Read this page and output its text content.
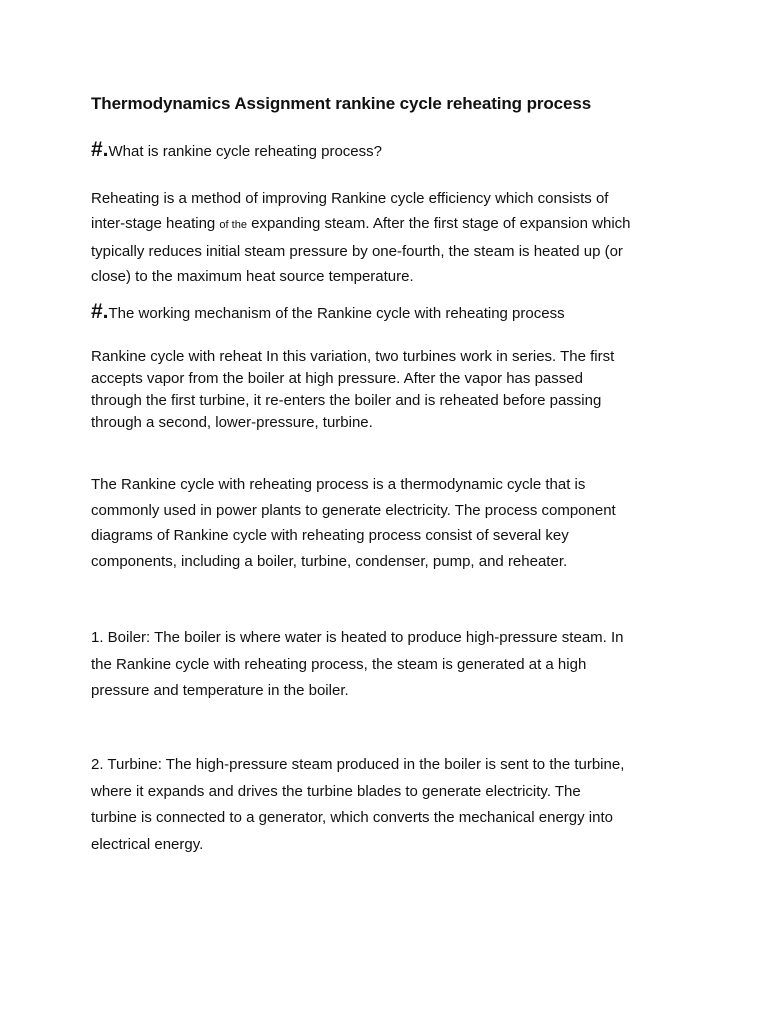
Thermodynamics Assignment rankine cycle reheating process
#.What is rankine cycle reheating process?
Reheating is a method of improving Rankine cycle efficiency which consists of
inter-stage heating of the expanding steam. After the first stage of expansion which
typically reduces initial steam pressure by one-fourth, the steam is heated up (or
close) to the maximum heat source temperature.
#.The working mechanism of the Rankine cycle with reheating process
Rankine cycle with reheat In this variation, two turbines work in series. The first
accepts vapor from the boiler at high pressure. After the vapor has passed
through the first turbine, it re-enters the boiler and is reheated before passing
through a second, lower-pressure, turbine.
The Rankine cycle with reheating process is a thermodynamic cycle that is
commonly used in power plants to generate electricity. The process component
diagrams of Rankine cycle with reheating process consist of several key
components, including a boiler, turbine, condenser, pump, and reheater.
1. Boiler: The boiler is where water is heated to produce high-pressure steam. In
the Rankine cycle with reheating process, the steam is generated at a high
pressure and temperature in the boiler.
2. Turbine: The high-pressure steam produced in the boiler is sent to the turbine,
where it expands and drives the turbine blades to generate electricity. The
turbine is connected to a generator, which converts the mechanical energy into
electrical energy.
